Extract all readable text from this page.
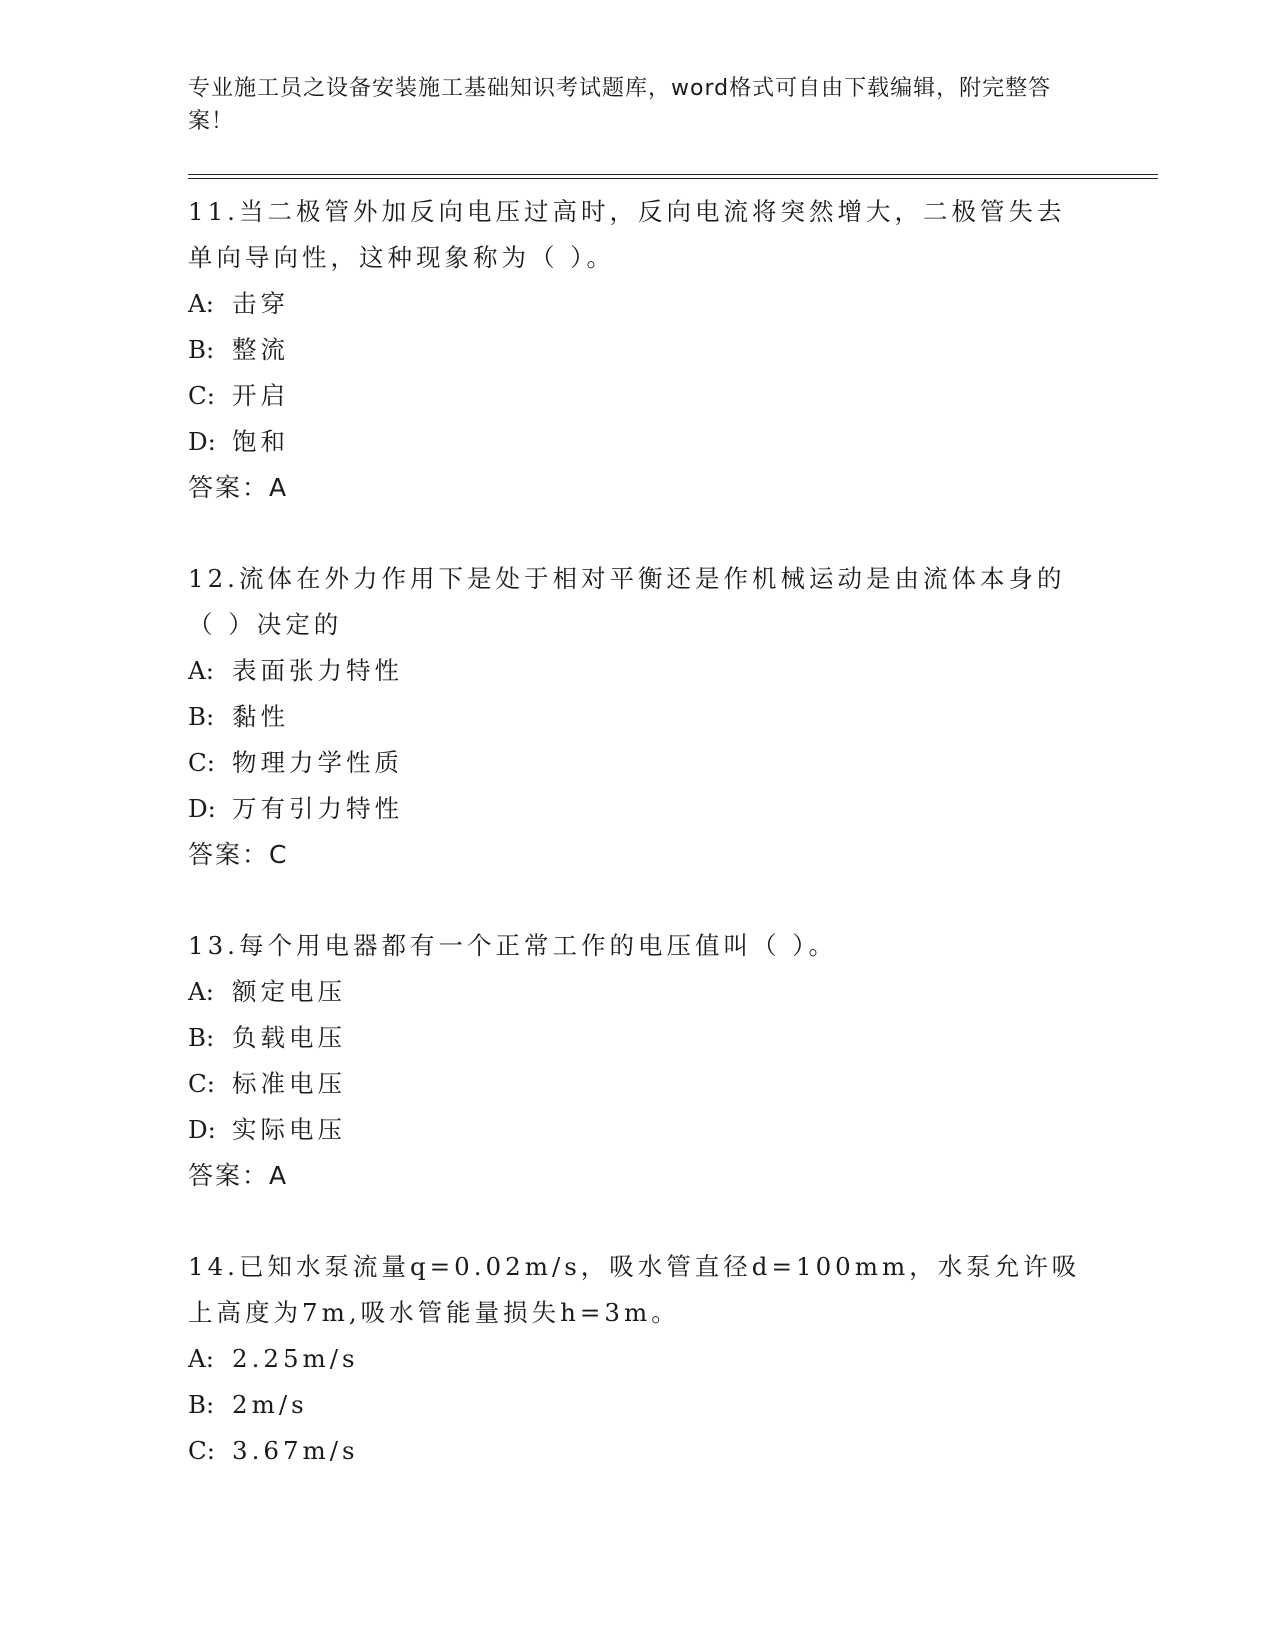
专业施工员之设备安装施工基础知识考试题库，word格式可自由下载编辑，附完整答案！

11.当二极管外加反向电压过高时，反向电流将突然增大，二极管失去单向导向性，这种现象称为（ ）。

A: 击穿

B: 整流

C: 开启

D: 饱和

答案：A

12.流体在外力作用下是处于相对平衡还是作机械运动是由流体本身的（ ）决定的

A: 表面张力特性

B: 黏性

C: 物理力学性质

D: 万有引力特性

答案：C

13.每个用电器都有一个正常工作的电压值叫（ ）。

A: 额定电压

B: 负载电压

C: 标准电压

D: 实际电压

答案：A

14.已知水泵流量q=0.02m/s，吸水管直径d=100mm，水泵允许吸上高度为7m,吸水管能量损失h=3m。

A: 2.25m/s

B: 2m/s

C: 3.67m/s
